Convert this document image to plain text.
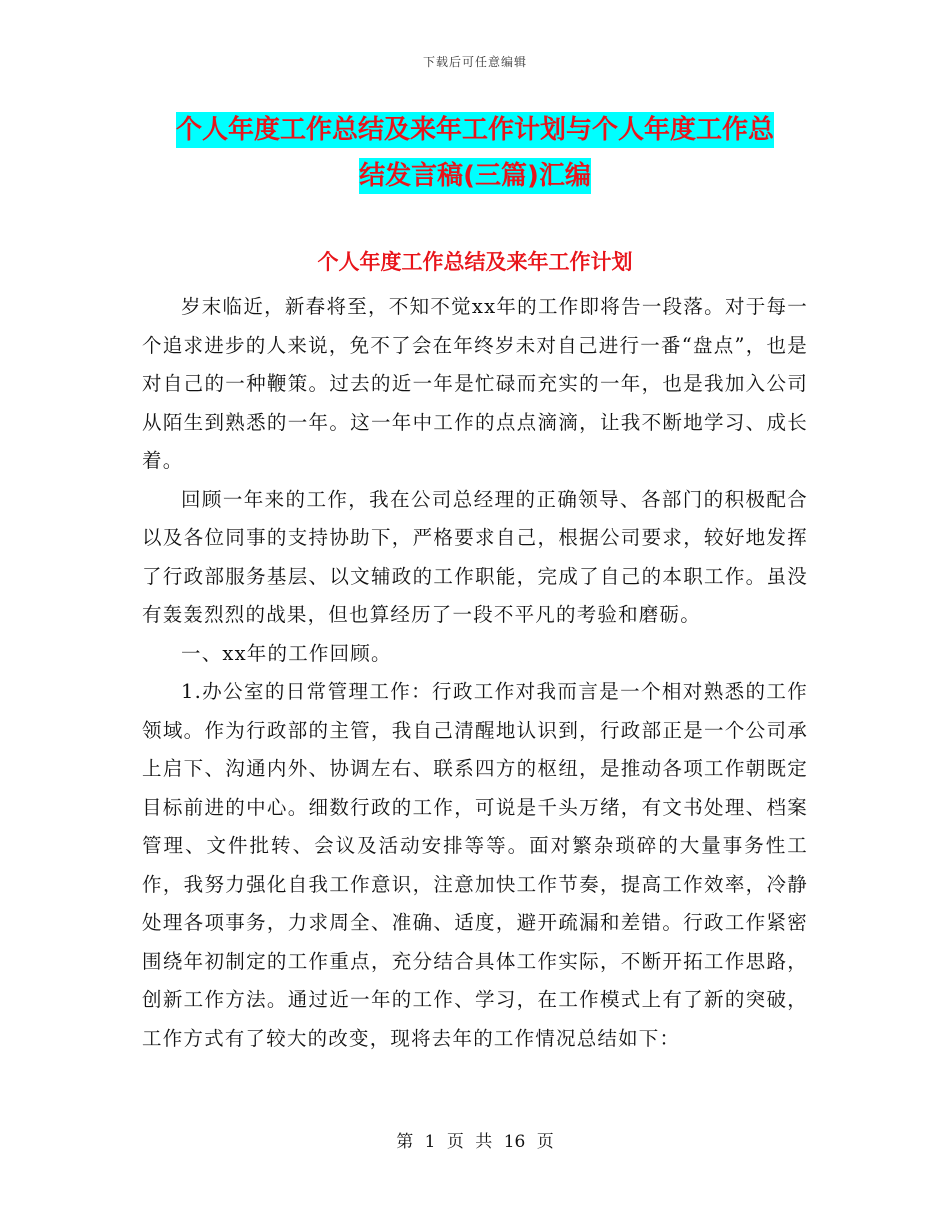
下载后可任意编辑
个人年度工作总结及来年工作计划与个人年度工作总
结发言稿(三篇)汇编
个人年度工作总结及来年工作计划

岁末临近，新春将至，不知不觉xx年的工作即将告一段落。对于每一个追求进步的人来说，免不了会在年终岁未对自己进行一番“盘点”，也是对自己的一种鞭策。过去的近一年是忙碌而充实的一年，也是我加入公司从陌生到熟悉的一年。这一年中工作的点点滴滴，让我不断地学习、成长着。

回顾一年来的工作，我在公司总经理的正确领导、各部门的积极配合以及各位同事的支持协助下，严格要求自己，根据公司要求，较好地发挥了行政部服务基层、以文辅政的工作职能，完成了自己的本职工作。虽没有轰轰烈烈的战果，但也算经历了一段不平凡的考验和磨砺。

一、xx年的工作回顾。

1.办公室的日常管理工作：行政工作对我而言是一个相对熟悉的工作领域。作为行政部的主管，我自己清醒地认识到，行政部正是一个公司承上启下、沟通内外、协调左右、联系四方的枢纽，是推动各项工作朝既定目标前进的中心。细数行政的工作，可说是千头万绪，有文书处理、档案管理、文件批转、会议及活动安排等等。面对繁杂琐碎的大量事务性工作，我努力强化自我工作意识，注意加快工作节奏，提高工作效率，冷静处理各项事务，力求周全、准确、适度，避开疏漏和差错。行政工作紧密围绕年初制定的工作重点，充分结合具体工作实际，不断开拓工作思路，创新工作方法。通过近一年的工作、学习，在工作模式上有了新的突破，工作方式有了较大的改变，现将去年的工作情况总结如下：

第 1 页 共 16 页
